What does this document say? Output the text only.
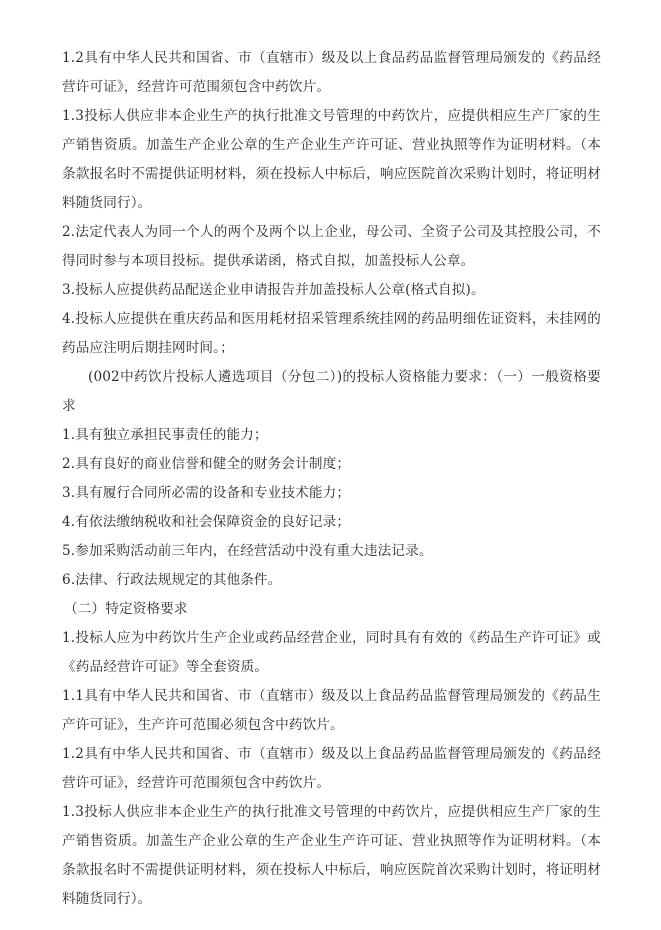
1.2具有中华人民共和国省、市（直辖市）级及以上食品药品监督管理局颁发的《药品经营许可证》，经营许可范围须包含中药饮片。

1.3投标人供应非本企业生产的执行批准文号管理的中药饮片，应提供相应生产厂家的生产销售资质。加盖生产企业公章的生产企业生产许可证、营业执照等作为证明材料。（本条款报名时不需提供证明材料，须在投标人中标后，响应医院首次采购计划时，将证明材料随货同行）。

2.法定代表人为同一个人的两个及两个以上企业，母公司、全资子公司及其控股公司，不得同时参与本项目投标。提供承诺函，格式自拟，加盖投标人公章。

3.投标人应提供药品配送企业申请报告并加盖投标人公章(格式自拟)。

4.投标人应提供在重庆药品和医用耗材招采管理系统挂网的药品明细佐证资料，未挂网的药品应注明后期挂网时间。；

(002中药饮片投标人遴选项目（分包二）)的投标人资格能力要求：（一）一般资格要求

1.具有独立承担民事责任的能力；

2.具有良好的商业信誉和健全的财务会计制度；

3.具有履行合同所必需的设备和专业技术能力；

4.有依法缴纳税收和社会保障资金的良好记录；

5.参加采购活动前三年内，在经营活动中没有重大违法记录。

6.法律、行政法规规定的其他条件。

（二）特定资格要求

1.投标人应为中药饮片生产企业或药品经营企业，同时具有有效的《药品生产许可证》或《药品经营许可证》等全套资质。

1.1具有中华人民共和国省、市（直辖市）级及以上食品药品监督管理局颁发的《药品生产许可证》，生产许可范围必须包含中药饮片。

1.2具有中华人民共和国省、市（直辖市）级及以上食品药品监督管理局颁发的《药品经营许可证》，经营许可范围须包含中药饮片。

1.3投标人供应非本企业生产的执行批准文号管理的中药饮片，应提供相应生产厂家的生产销售资质。加盖生产企业公章的生产企业生产许可证、营业执照等作为证明材料。（本条款报名时不需提供证明材料，须在投标人中标后，响应医院首次采购计划时，将证明材料随货同行）。
